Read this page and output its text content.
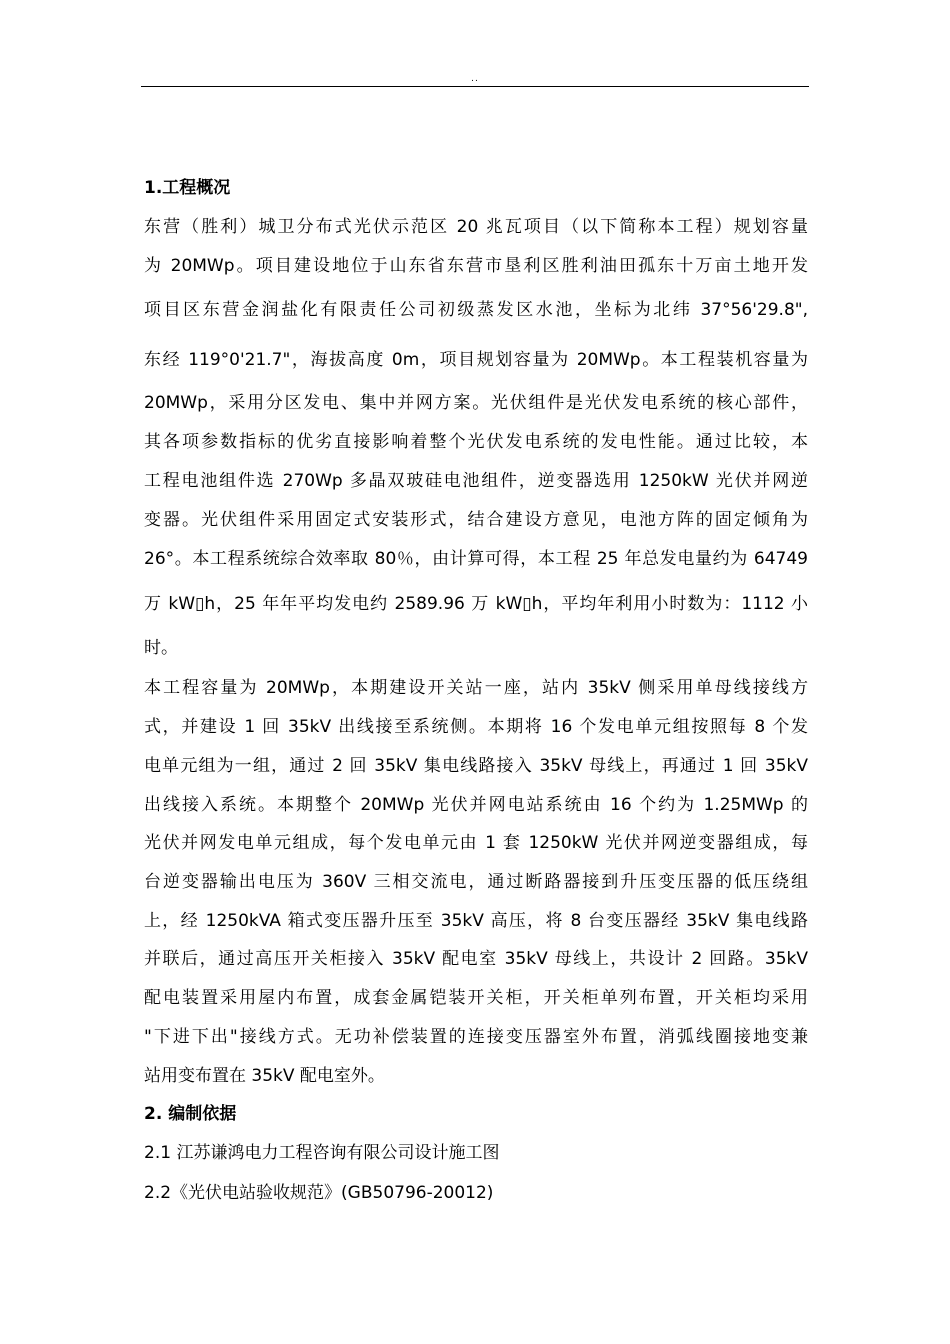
..
1.工程概况
东营（胜利）城卫分布式光伏示范区 20 兆瓦项目（以下简称本工程）规划容量
为 20MWp。项目建设地位于山东省东营市垦利区胜利油田孤东十万亩土地开发
项目区东营金润盐化有限责任公司初级蒸发区水池，坐标为北纬 37°56'29.8",
东经 119°0'21.7"，海拔高度 0m，项目规划容量为 20MWp。本工程装机容量为
20MWp，采用分区发电、集中并网方案。光伏组件是光伏发电系统的核心部件，
其各项参数指标的优劣直接影响着整个光伏发电系统的发电性能。通过比较，本
工程电池组件选 270Wp 多晶双玻硅电池组件，逆变器选用 1250kW 光伏并网逆
变器。光伏组件采用固定式安装形式，结合建设方意见，电池方阵的固定倾角为
26°。本工程系统综合效率取 80％，由计算可得，本工程 25 年总发电量约为 64749
万 kW▯h，25 年年平均发电约 2589.96 万 kW▯h，平均年利用小时数为：1112 小
时。
本工程容量为 20MWp，本期建设开关站一座，站内 35kV 侧采用单母线接线方
式，并建设 1 回 35kV 出线接至系统侧。本期将 16 个发电单元组按照每 8 个发
电单元组为一组，通过 2 回 35kV 集电线路接入 35kV 母线上，再通过 1 回 35kV
出线接入系统。本期整个 20MWp 光伏并网电站系统由 16 个约为 1.25MWp 的
光伏并网发电单元组成，每个发电单元由 1 套 1250kW 光伏并网逆变器组成，每
台逆变器输出电压为 360V 三相交流电，通过断路器接到升压变压器的低压绕组
上，经 1250kVA 箱式变压器升压至 35kV 高压，将 8 台变压器经 35kV 集电线路
并联后，通过高压开关柜接入 35kV 配电室 35kV 母线上，共设计 2 回路。35kV
配电装置采用屋内布置，成套金属铠装开关柜，开关柜单列布置，开关柜均采用
"下进下出"接线方式。无功补偿装置的连接变压器室外布置，消弧线圈接地变兼
站用变布置在 35kV 配电室外。
2. 编制依据
2.1 江苏谦鸿电力工程咨询有限公司设计施工图
2.2《光伏电站验收规范》(GB50796-20012)
